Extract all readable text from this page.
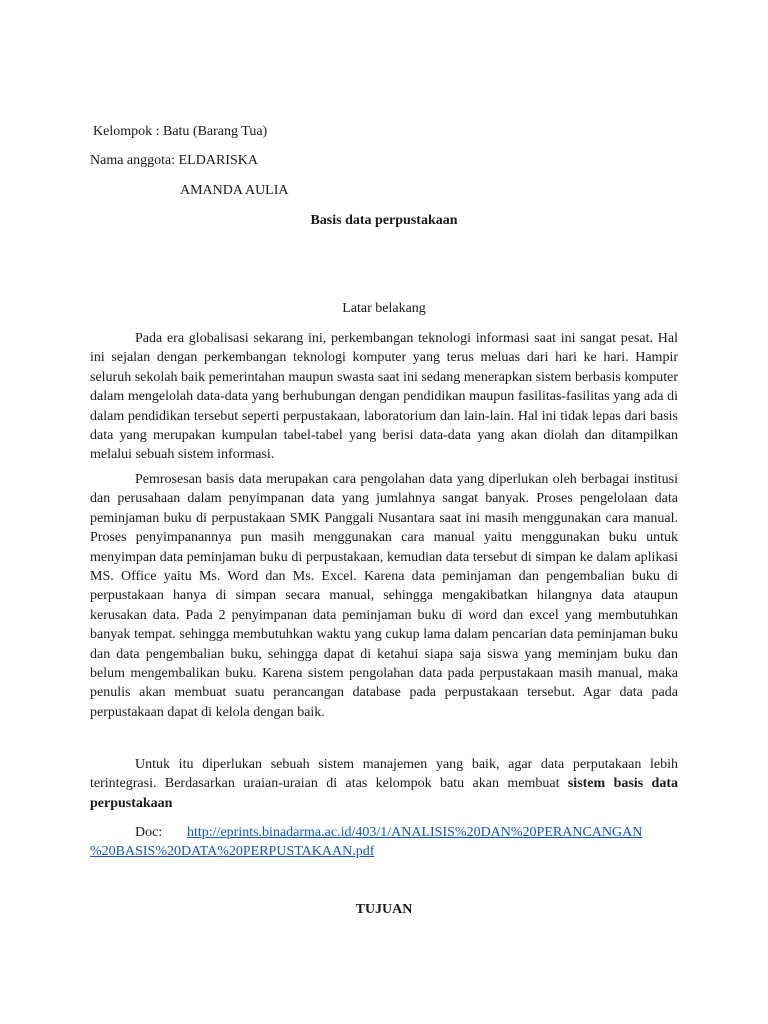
Kelompok : Batu (Barang Tua)
Nama anggota: ELDARISKA
AMANDA AULIA
Basis data perpustakaan
Latar belakang

Pada era globalisasi sekarang ini, perkembangan teknologi informasi saat ini sangat pesat. Hal ini sejalan dengan perkembangan teknologi komputer yang terus meluas dari hari ke hari. Hampir seluruh sekolah baik pemerintahan maupun swasta saat ini sedang menerapkan sistem berbasis komputer dalam mengelolah data-data yang berhubungan dengan pendidikan maupun fasilitas-fasilitas yang ada di dalam pendidikan tersebut seperti perpustakaan, laboratorium dan lain-lain. Hal ini tidak lepas dari basis data yang merupakan kumpulan tabel-tabel yang berisi data-data yang akan diolah dan ditampilkan melalui sebuah sistem informasi.

Pemrosesan basis data merupakan cara pengolahan data yang diperlukan oleh berbagai institusi dan perusahaan dalam penyimpanan data yang jumlahnya sangat banyak. Proses pengelolaan data peminjaman buku di perpustakaan SMK Panggali Nusantara saat ini masih menggunakan cara manual. Proses penyimpanannya pun masih menggunakan cara manual yaitu menggunakan buku untuk menyimpan data peminjaman buku di perpustakaan, kemudian data tersebut di simpan ke dalam aplikasi MS. Office yaitu Ms. Word dan Ms. Excel. Karena data peminjaman dan pengembalian buku di perpustakaan hanya di simpan secara manual, sehingga mengakibatkan hilangnya data ataupun kerusakan data. Pada 2 penyimpanan data peminjaman buku di word dan excel yang membutuhkan banyak tempat. sehingga membutuhkan waktu yang cukup lama dalam pencarian data peminjaman buku dan data pengembalian buku, sehingga dapat di ketahui siapa saja siswa yang meminjam buku dan belum mengembalikan buku. Karena sistem pengolahan data pada perpustakaan masih manual, maka penulis akan membuat suatu perancangan database pada perpustakaan tersebut. Agar data pada perpustakaan dapat di kelola dengan baik.

Untuk itu diperlukan sebuah sistem manajemen yang baik, agar data perputakaan lebih terintegrasi. Berdasarkan uraian-uraian di atas kelompok batu akan membuat sistem basis data perpustakaan

Doc: http://eprints.binadarma.ac.id/403/1/ANALISIS%20DAN%20PERANCANGAN
%20BASIS%20DATA%20PERPUSTAKAAN.pdf
TUJUAN
